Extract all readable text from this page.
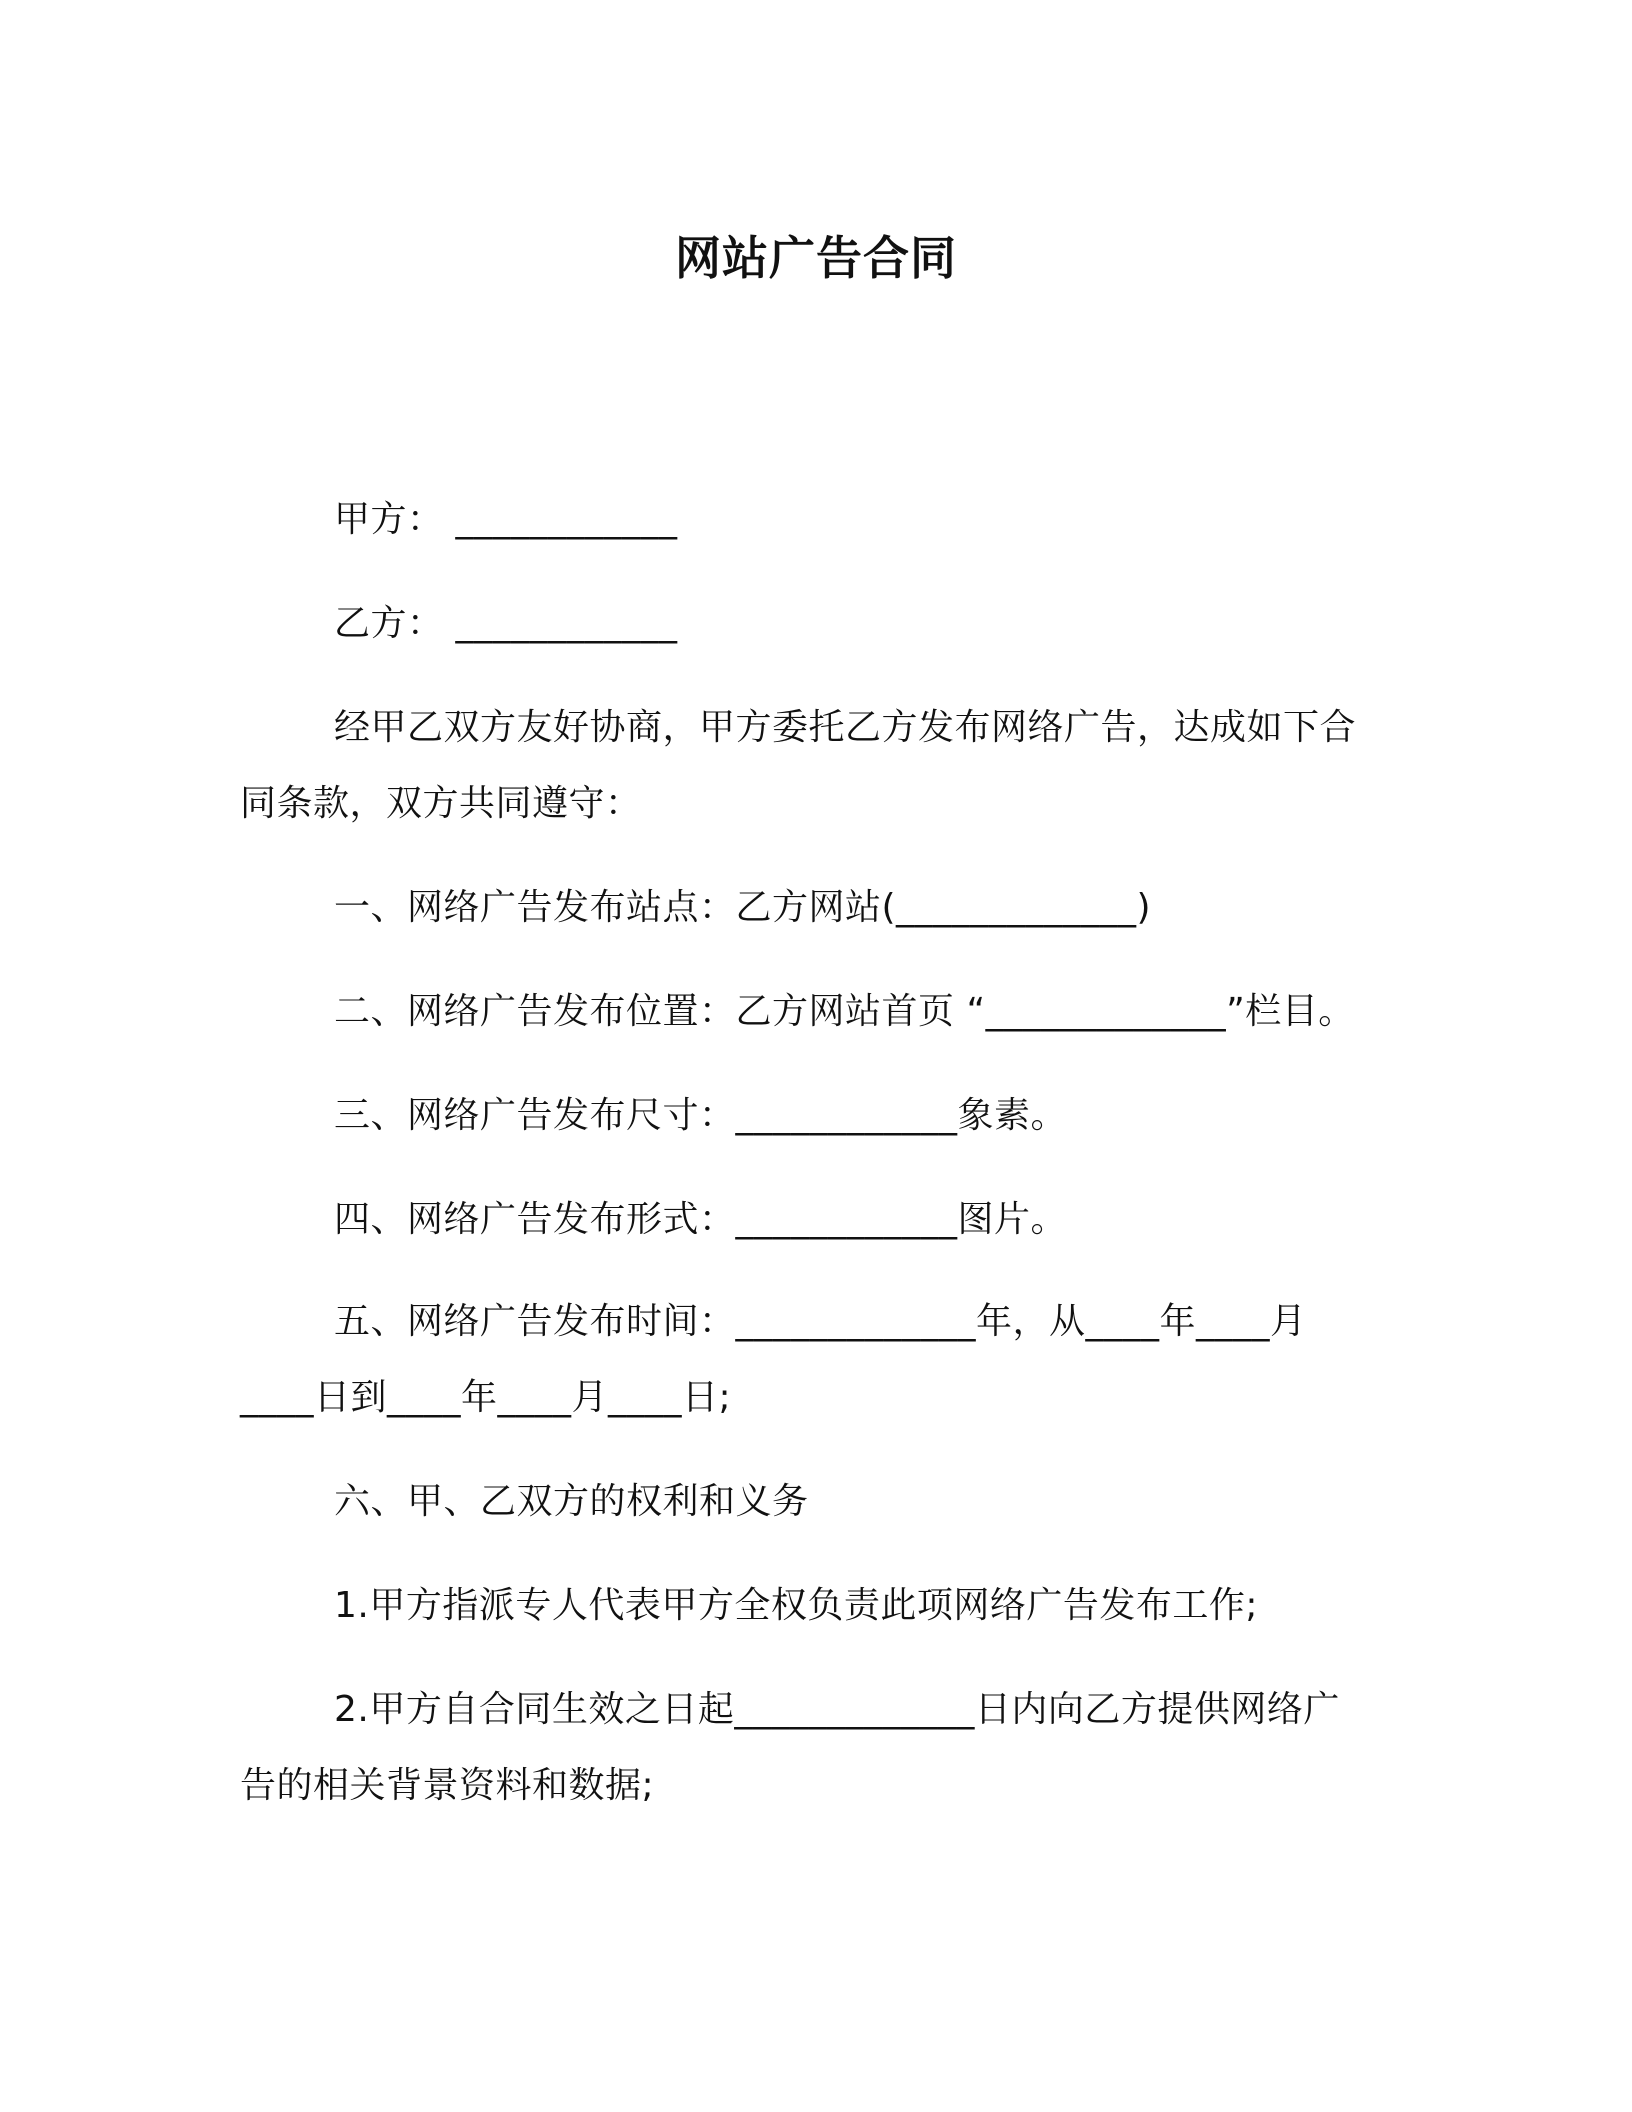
网站广告合同
甲方： ____________
乙方： ____________
经甲乙双方友好协商，甲方委托乙方发布网络广告，达成如下合
同条款，双方共同遵守：
一、网络广告发布站点：乙方网站(_____________)
二、网络广告发布位置：乙方网站首页 “_____________”栏目。
三、网络广告发布尺寸：____________象素。
四、网络广告发布形式：____________图片。
五、网络广告发布时间：_____________年，从____年____月
____日到____年____月____日;
六、甲、乙双方的权利和义务
1.甲方指派专人代表甲方全权负责此项网络广告发布工作;
2.甲方自合同生效之日起_____________日内向乙方提供网络广
告的相关背景资料和数据;
